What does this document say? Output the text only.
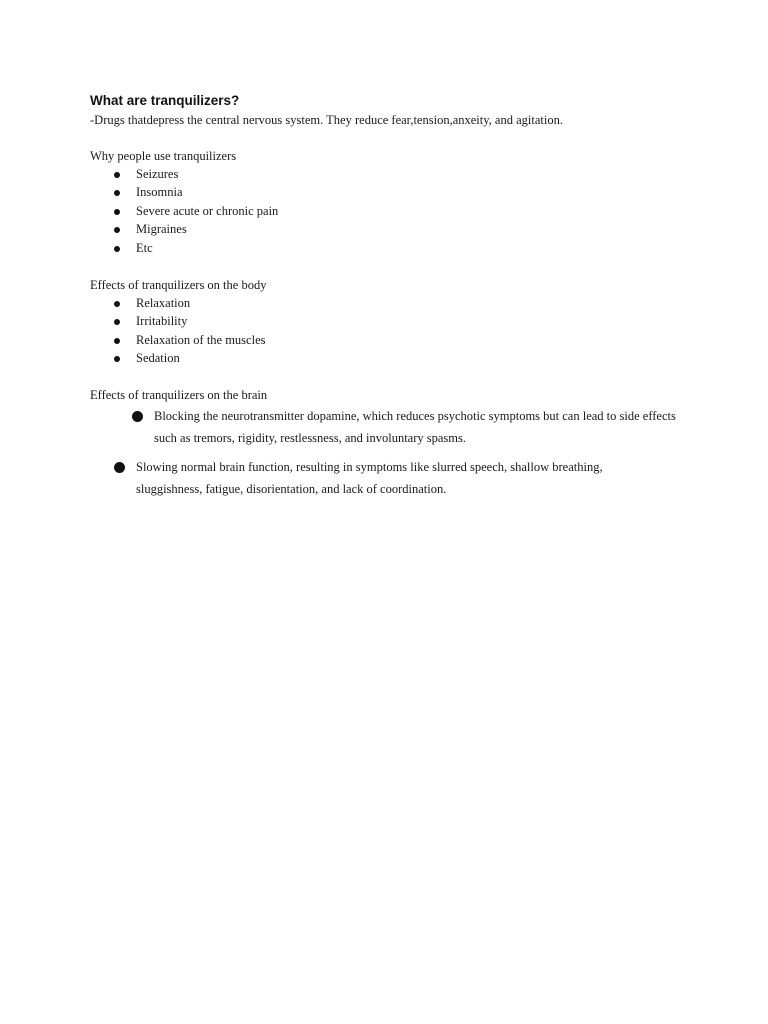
What are tranquilizers?

-Drugs thatdepress the central nervous system. They reduce fear,tension,anxeity, and agitation.

Why people use tranquilizers

Seizures
Insomnia
Severe acute or chronic pain
Migraines
Etc

Effects of tranquilizers on the body

Relaxation
Irritability
Relaxation of the muscles
Sedation

Effects of tranquilizers on the brain

Blocking the neurotransmitter dopamine, which reduces psychotic symptoms but can lead to side effects such as tremors, rigidity, restlessness, and involuntary spasms.
Slowing normal brain function, resulting in symptoms like slurred speech, shallow breathing, sluggishness, fatigue, disorientation, and lack of coordination.
